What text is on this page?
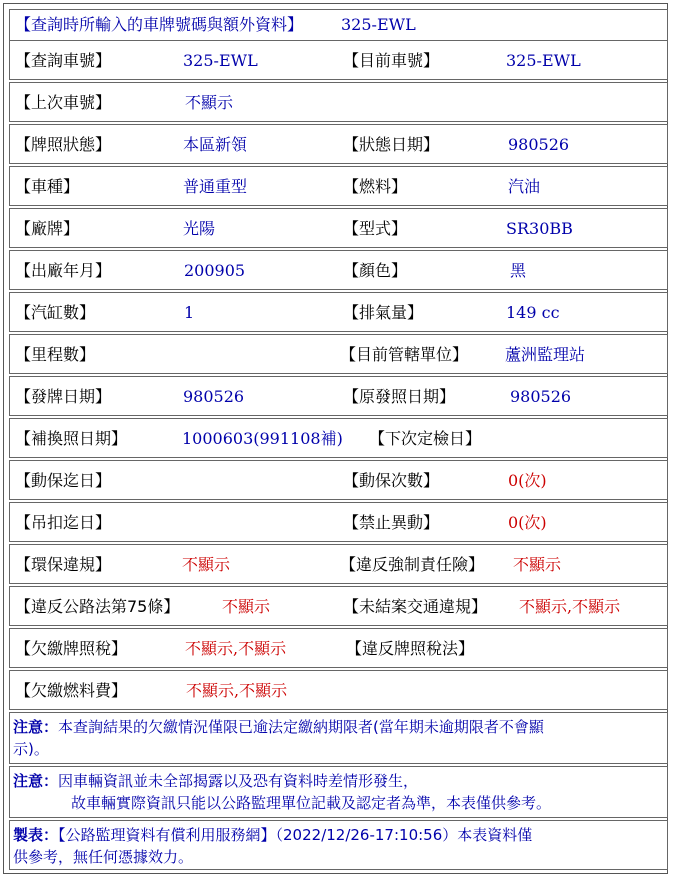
【查詢時所輸入的車牌號碼與額外資料】 325-EWL
【查詢車號】	325-EWL	【目前車號】	325-EWL
【上次車號】	不顯示
【牌照狀態】	本區新領	【狀態日期】	980526
【車種】	普通重型	【燃料】	汽油
【廠牌】	光陽	【型式】	SR30BB
【出廠年月】	200905	【顏色】	黑
【汽缸數】	1	【排氣量】	149 cc
【里程數】	【目前管轄單位】 蘆洲監理站
【發牌日期】	980526	【原發照日期】	980526
【補換照日期】	1000603(991108補) 【下次定檢日】
【動保迄日】	【動保次數】	0(次)
【吊扣迄日】	【禁止異動】	0(次)
【環保違規】	不顯示	【違反強制責任險】 不顯示
【違反公路法第75條】	不顯示	【未結案交通違規】 不顯示,不顯示
【欠繳牌照稅】	不顯示,不顯示	【違反牌照稅法】
【欠繳燃料費】	不顯示,不顯示
注意：本查詢結果的欠繳情況僅限已逾法定繳納期限者(當年期未逾期限者不會顯
示)。
注意：因車輛資訊並未全部揭露以及恐有資料時差情形發生，
故車輛實際資訊只能以公路監理單位記載及認定者為準，本表僅供參考。
製表：【公路監理資料有償利用服務網】（2022/12/26-17:10:56）本表資料僅
供參考，無任何憑據效力。
